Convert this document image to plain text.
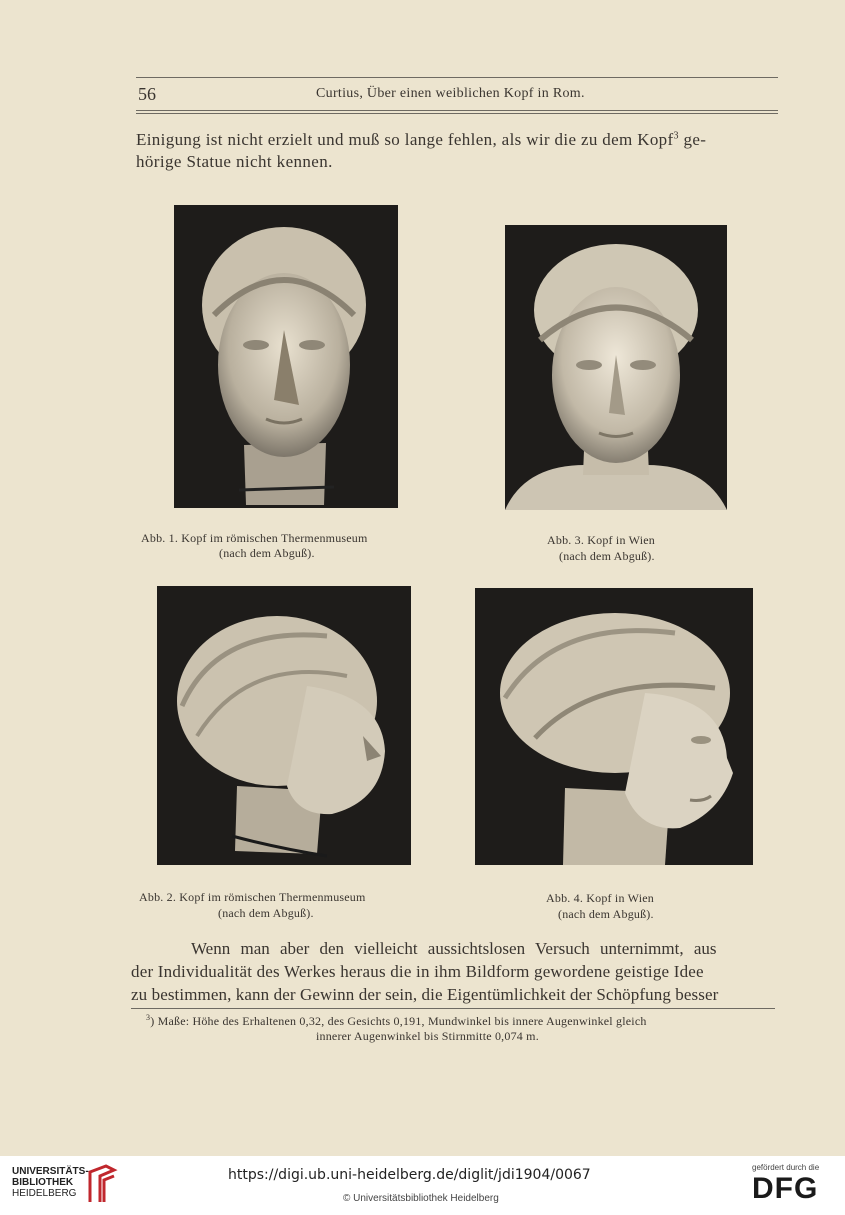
56	Curtius, Über einen weiblichen Kopf in Rom.
Einigung ist nicht erzielt und muß so lange fehlen, als wir die zu dem Kopf$^3$ ge-
hörige Statue nicht kennen.
Abb. 1. Kopf im römischen Thermenmuseum
(nach dem Abguß).
Abb. 3. Kopf in Wien
(nach dem Abguß).
Abb. 2. Kopf im römischen Thermenmuseum
(nach dem Abguß).
Abb. 4. Kopf in Wien
(nach dem Abguß).
Wenn man aber den vielleicht aussichtslosen Versuch unternimmt, aus
der Individualität des Werkes heraus die in ihm Bildform gewordene geistige Idee
zu bestimmen, kann der Gewinn der sein, die Eigentümlichkeit der Schöpfung besser
$^3$) Maße: Höhe des Erhaltenen 0,32, des Gesichts 0,191, Mundwinkel bis innere Augenwinkel gleich
innerer Augenwinkel bis Stirnmitte 0,074 m.
UNIVERSITÄTS-
BIBLIOTHEK
HEIDELBERG
https://digi.ub.uni-heidelberg.de/diglit/jdi1904/0067
© Universitätsbibliothek Heidelberg
gefördert durch die
DFG
